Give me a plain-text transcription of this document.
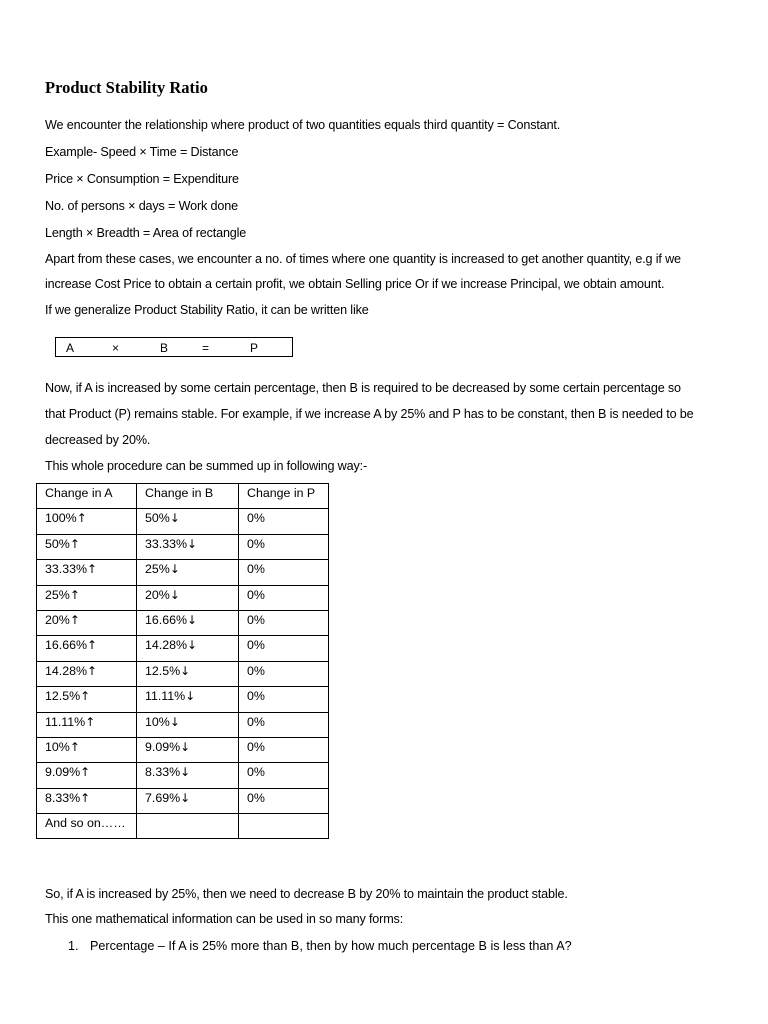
Product Stability Ratio

We encounter the relationship where product of two quantities equals third quantity = Constant.

Example- Speed × Time = Distance

Price × Consumption = Expenditure

No. of persons × days = Work done

Length × Breadth = Area of rectangle

Apart from these cases, we encounter a no. of times where one quantity is increased to get another quantity, e.g if we

increase Cost Price to obtain a certain profit, we obtain Selling price Or if we increase Principal, we obtain amount.

If we generalize Product Stability Ratio, it can be written like

A	×	B	=	P

Now, if A is increased by some certain percentage, then B is required to be decreased by some certain percentage so

that Product (P) remains stable. For example, if we increase A by 25% and P has to be constant, then B is needed to be

decreased by 20%.

This whole procedure can be summed up in following way:-

Change in A	Change in B	Change in P
100%↑	50%↓	0%
50%↑	33.33%↓	0%
33.33%↑	25%↓	0%
25%↑	20%↓	0%
20%↑	16.66%↓	0%
16.66%↑	14.28%↓	0%
14.28%↑	12.5%↓	0%
12.5%↑	11.11%↓	0%
11.11%↑	10%↓	0%
10%↑	9.09%↓	0%
9.09%↑	8.33%↓	0%
8.33%↑	7.69%↓	0%
And so on……		

So, if A is increased by 25%, then we need to decrease B by 20% to maintain the product stable.

This one mathematical information can be used in so many forms:

1. Percentage – If A is 25% more than B, then by how much percentage B is less than A?
